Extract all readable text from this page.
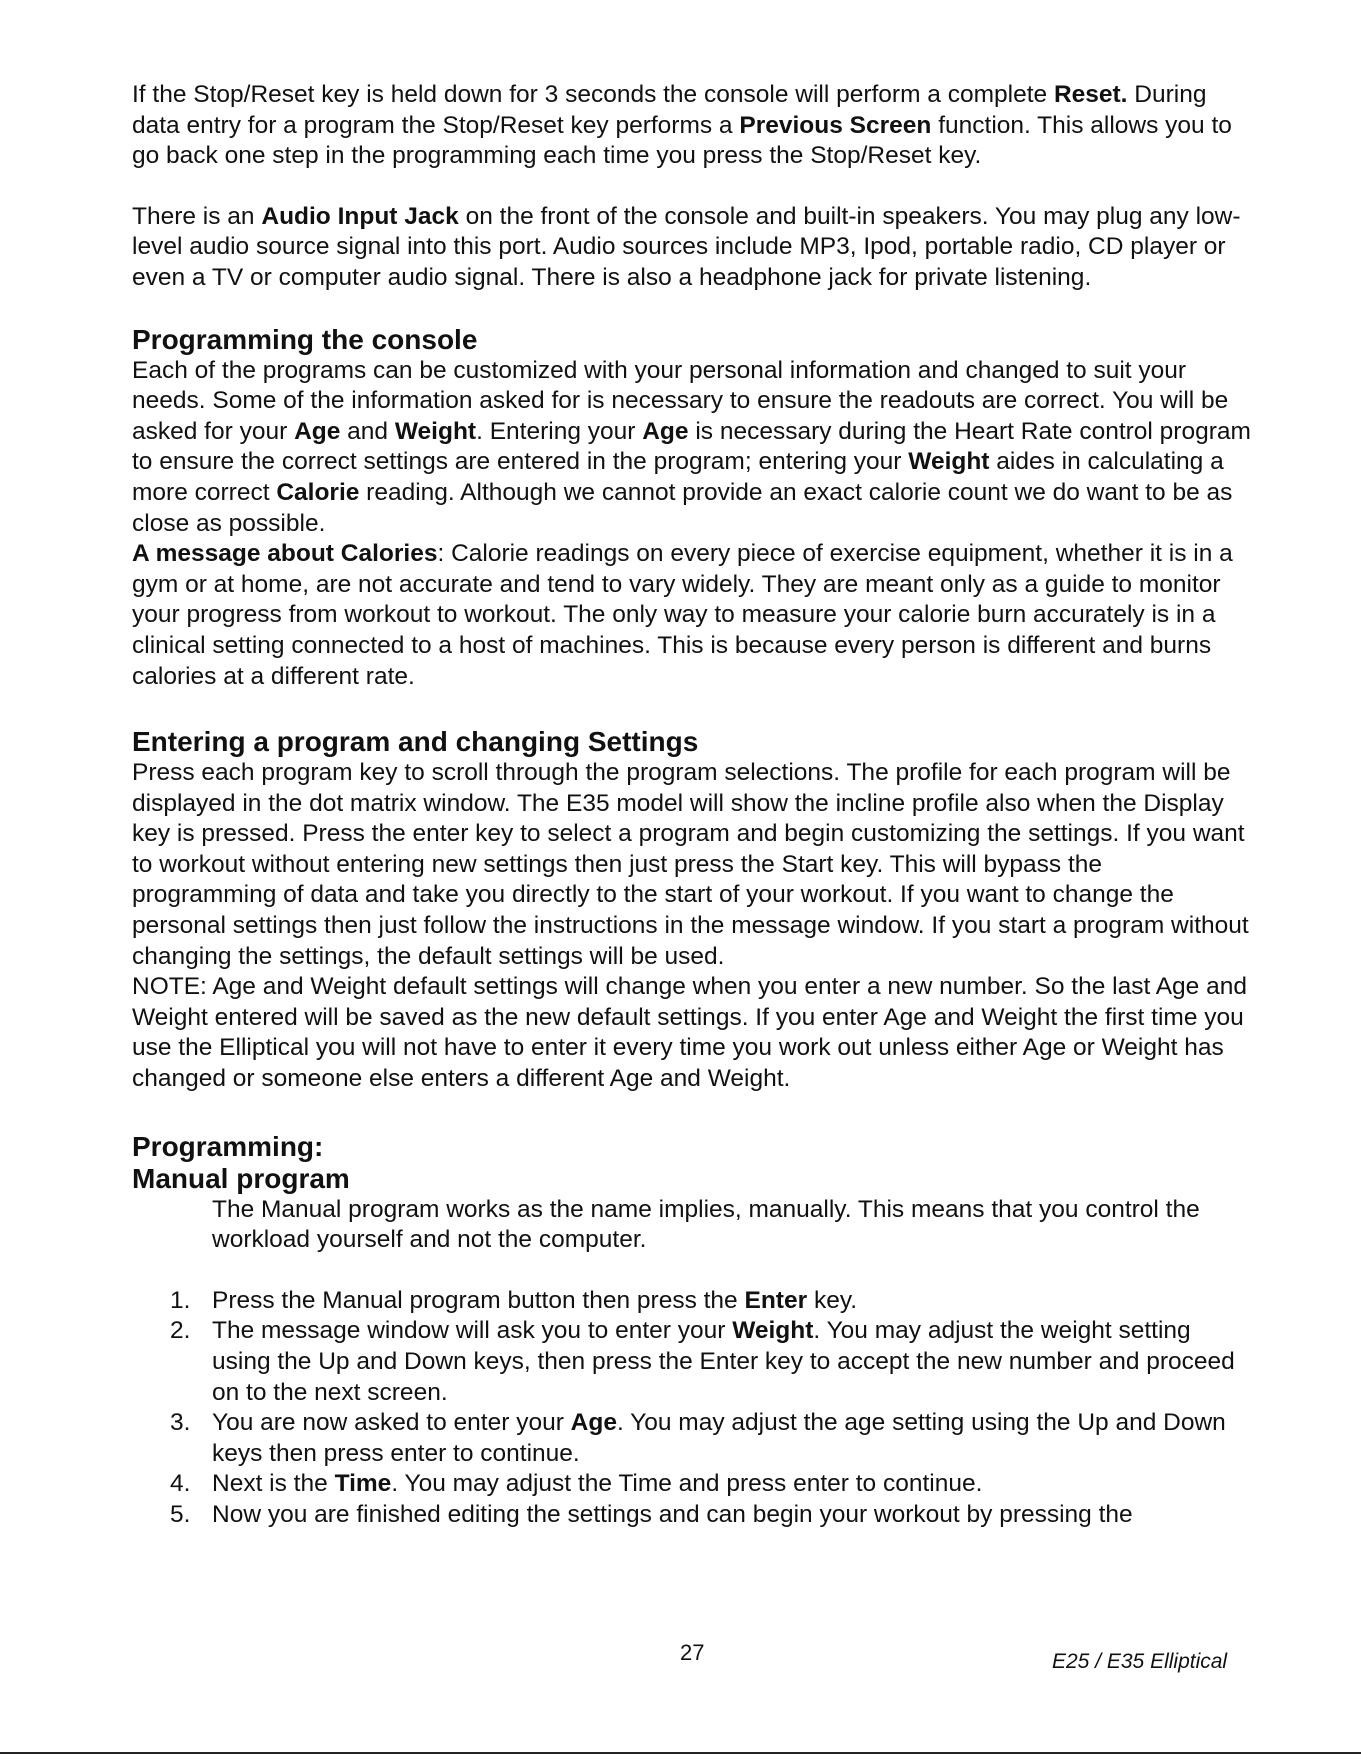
If the Stop/Reset key is held down for 3 seconds the console will perform a complete Reset. During data entry for a program the Stop/Reset key performs a Previous Screen function. This allows you to go back one step in the programming each time you press the Stop/Reset key.

There is an Audio Input Jack on the front of the console and built-in speakers. You may plug any low-level audio source signal into this port. Audio sources include MP3, Ipod, portable radio, CD player or even a TV or computer audio signal. There is also a headphone jack for private listening.

Programming the console

Each of the programs can be customized with your personal information and changed to suit your needs. Some of the information asked for is necessary to ensure the readouts are correct. You will be asked for your Age and Weight. Entering your Age is necessary during the Heart Rate control program to ensure the correct settings are entered in the program; entering your Weight aides in calculating a more correct Calorie reading. Although we cannot provide an exact calorie count we do want to be as close as possible.

A message about Calories: Calorie readings on every piece of exercise equipment, whether it is in a gym or at home, are not accurate and tend to vary widely. They are meant only as a guide to monitor your progress from workout to workout. The only way to measure your calorie burn accurately is in a clinical setting connected to a host of machines. This is because every person is different and burns calories at a different rate.

Entering a program and changing Settings

Press each program key to scroll through the program selections. The profile for each program will be displayed in the dot matrix window. The E35 model will show the incline profile also when the Display key is pressed. Press the enter key to select a program and begin customizing the settings. If you want to workout without entering new settings then just press the Start key. This will bypass the programming of data and take you directly to the start of your workout. If you want to change the personal settings then just follow the instructions in the message window. If you start a program without changing the settings, the default settings will be used.

NOTE: Age and Weight default settings will change when you enter a new number. So the last Age and Weight entered will be saved as the new default settings. If you enter Age and Weight the first time you use the Elliptical you will not have to enter it every time you work out unless either Age or Weight has changed or someone else enters a different Age and Weight.

Programming:
Manual program

The Manual program works as the name implies, manually. This means that you control the workload yourself and not the computer.

1. Press the Manual program button then press the Enter key.
2. The message window will ask you to enter your Weight. You may adjust the weight setting using the Up and Down keys, then press the Enter key to accept the new number and proceed on to the next screen.
3. You are now asked to enter your Age. You may adjust the age setting using the Up and Down keys then press enter to continue.
4. Next is the Time. You may adjust the Time and press enter to continue.
5. Now you are finished editing the settings and can begin your workout by pressing the
27	E25 / E35 Elliptical
